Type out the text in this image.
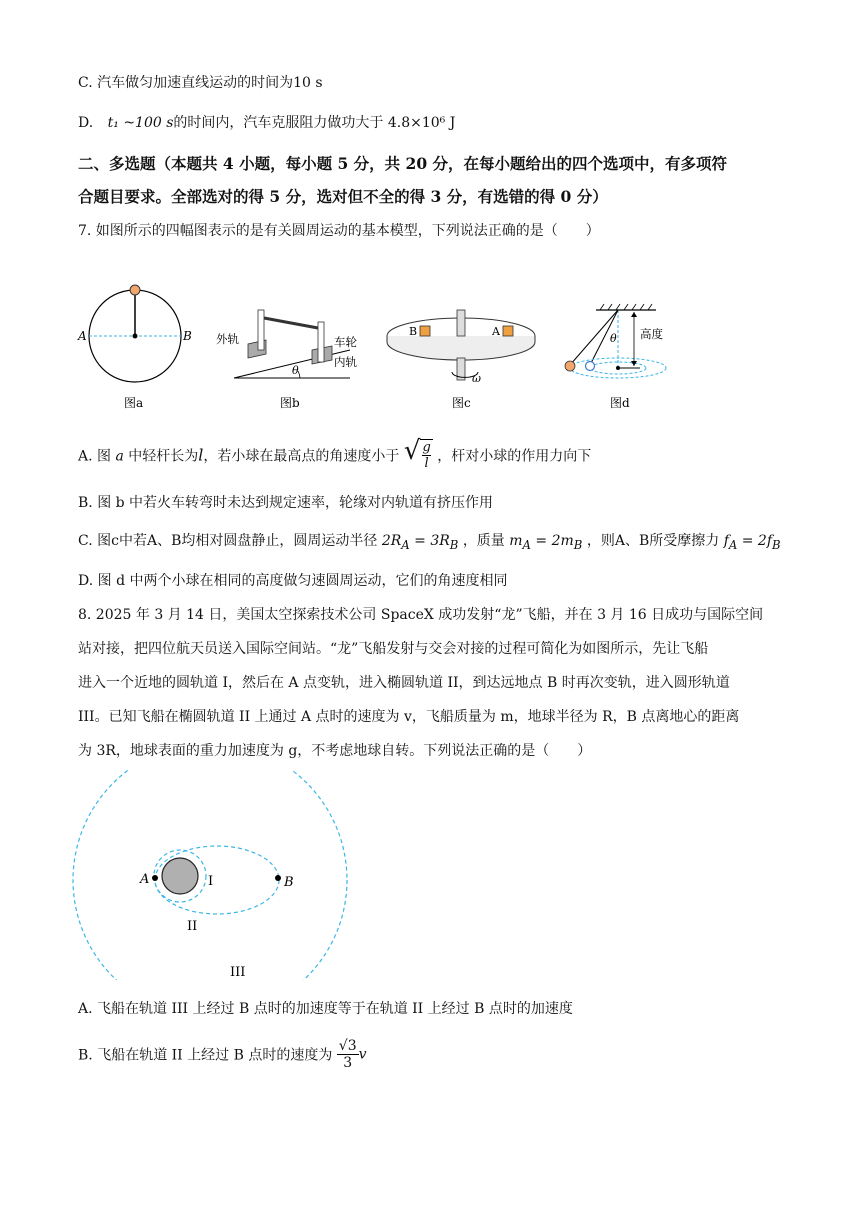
C. 汽车做匀加速直线运动的时间为10 s
D. t₁ ~100 s的时间内，汽车克服阻力做功大于 4.8×10⁶ J
二、多选题（本题共 4 小题，每小题 5 分，共 20 分，在每小题给出的四个选项中，有多项符
合题目要求。全部选对的得 5 分，选对但不全的得 3 分，有选错的得 0 分）
7. 如图所示的四幅图表示的是有关圆周运动的基本模型，下列说法正确的是（　　）
A	B
图a
θ
外轨	车轮
内轨
图b
B	A
ω
图c
θ 高度
图d
A. 图 a 中轻杆长为l，若小球在最高点的角速度小于 √ $\frac{g}{l}$ ，杆对小球的作用力向下
B. 图 b 中若火车转弯时未达到规定速率，轮缘对内轨道有挤压作用
C. 图c中若A、B均相对圆盘静止，圆周运动半径 $2R_A = 3R_B$ ，质量 $m_A = 2m_B$ ，则A、B所受摩擦力 $f_A = 2f_B$
D. 图 d 中两个小球在相同的高度做匀速圆周运动，它们的角速度相同
8. 2025 年 3 月 14 日，美国太空探索技术公司 SpaceX 成功发射“龙”飞船，并在 3 月 16 日成功与国际空间
站对接，把四位航天员送入国际空间站。“龙”飞船发射与交会对接的过程可简化为如图所示，先让飞船
进入一个近地的圆轨道 I，然后在 A 点变轨，进入椭圆轨道 II，到达远地点 B 时再次变轨，进入圆形轨道
III。已知飞船在椭圆轨道 II 上通过 A 点时的速度为 v，飞船质量为 m，地球半径为 R，B 点离地心的距离
为 3R，地球表面的重力加速度为 g，不考虑地球自转。下列说法正确的是（　　）
A	B
I
II
III
A. 飞船在轨道 III 上经过 B 点时的加速度等于在轨道 II 上经过 B 点时的加速度
B. 飞船在轨道 II 上经过 B 点时的速度为 $\frac{√3}{3}$ v
